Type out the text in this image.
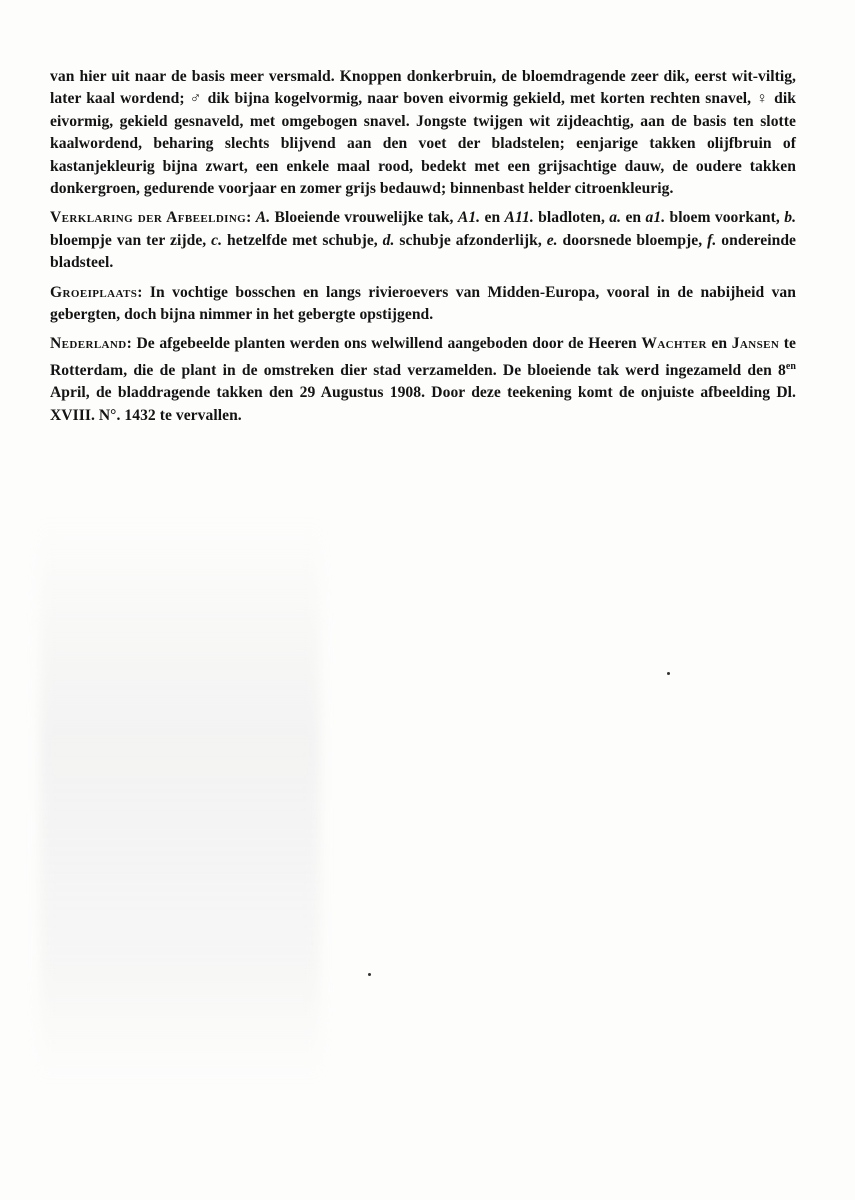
van hier uit naar de basis meer versmald. Knoppen donkerbruin, de bloemdragende zeer dik, eerst wit-viltig, later kaal wordend; ♂ dik bijna kogelvormig, naar boven eivormig gekield, met korten rechten snavel, ♀ dik eivormig, gekield gesnaveld, met omgebogen snavel. Jongste twijgen wit zijdeachtig, aan de basis ten slotte kaalwordend, beharing slechts blijvend aan den voet der bladstelen; eenjarige takken olijfbruin of kastanjekleurig bijna zwart, een enkele maal rood, bedekt met een grijsachtige dauw, de oudere takken donkergroen, gedurende voorjaar en zomer grijs bedauwd; binnenbast helder citroenkleurig.

Verklaring der Afbeelding: A. Bloeiende vrouwelijke tak, A1. en A11. bladloten, a. en a1. bloem voorkant, b. bloempje van ter zijde, c. hetzelfde met schubje, d. schubje afzonderlijk, e. doorsnede bloempje, f. ondereinde bladsteel.

Groeiplaats: In vochtige bosschen en langs rivieroevers van Midden-Europa, vooral in de nabijheid van gebergten, doch bijna nimmer in het gebergte opstijgend.

Nederland: De afgebeelde planten werden ons welwillend aangeboden door de Heeren Wachter en Jansen te Rotterdam, die de plant in de omstreken dier stad verzamelden. De bloeiende tak werd ingezameld den $8^{en}$ April, de bladdragende takken den 29 Augustus 1908. Door deze teekening komt de onjuiste afbeelding Dl. XVIII. N°. 1432 te vervallen.
